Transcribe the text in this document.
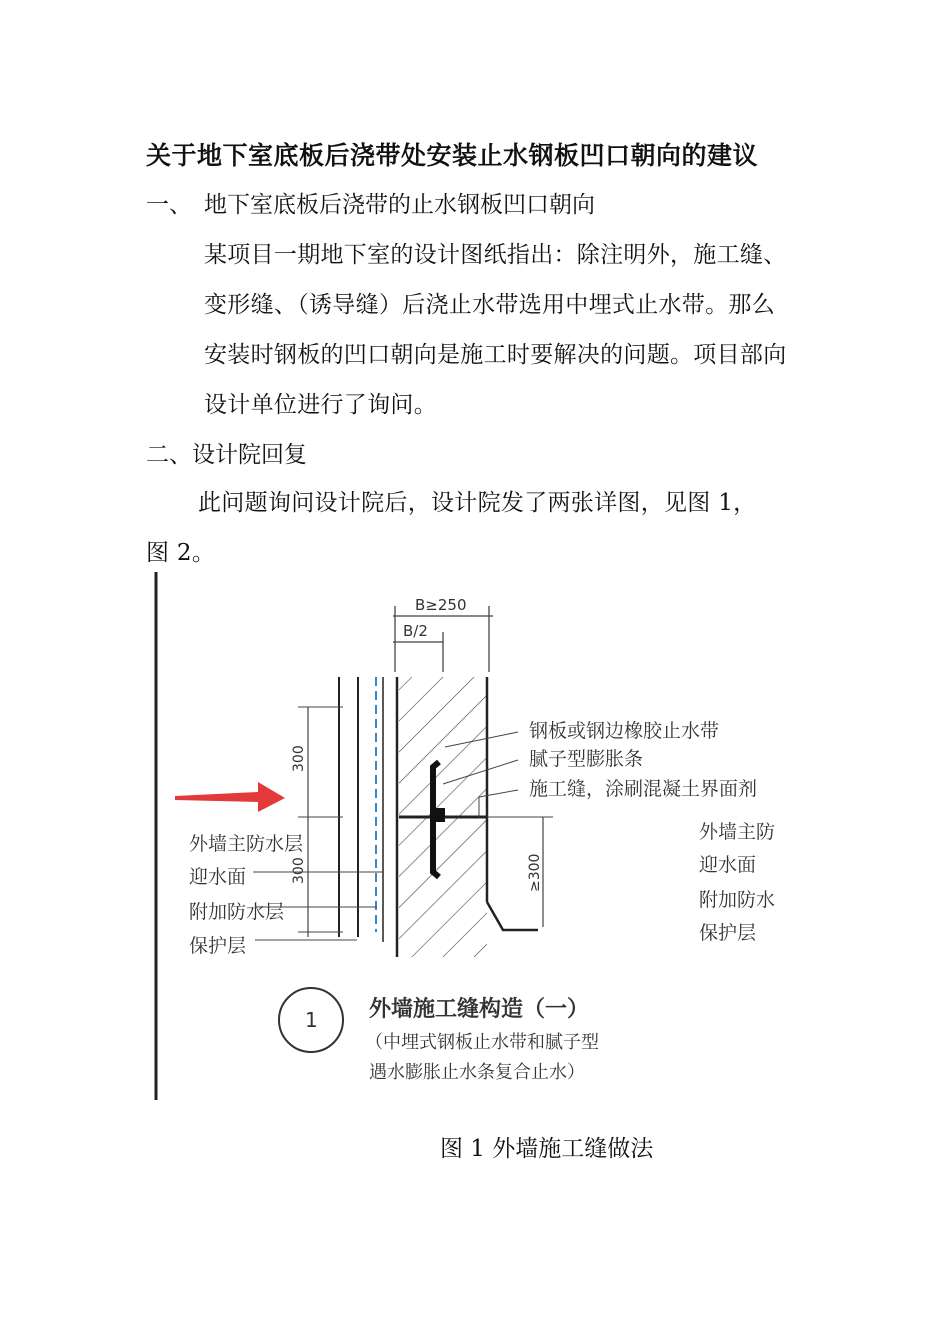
关于地下室底板后浇带处安装止水钢板凹口朝向的建议
一、 地下室底板后浇带的止水钢板凹口朝向
某项目一期地下室的设计图纸指出：除注明外，施工缝、
变形缝、（诱导缝）后浇止水带选用中埋式止水带。那么
安装时钢板的凹口朝向是施工时要解决的问题。项目部向
设计单位进行了询问。
二、设计院回复
此问题询问设计院后，设计院发了两张详图，见图 1，
图 2。
B≥250
B/2
300
300	≥300
钢板或钢边橡胶止水带
腻子型膨胀条
施工缝，涂刷混凝土界面剂
外墙主防水层
迎水面
附加防水层
保护层
外墙主防
迎水面
附加防水
保护层
1 外墙施工缝构造（一）
（中埋式钢板止水带和腻子型
遇水膨胀止水条复合止水）
图 1 外墙施工缝做法
